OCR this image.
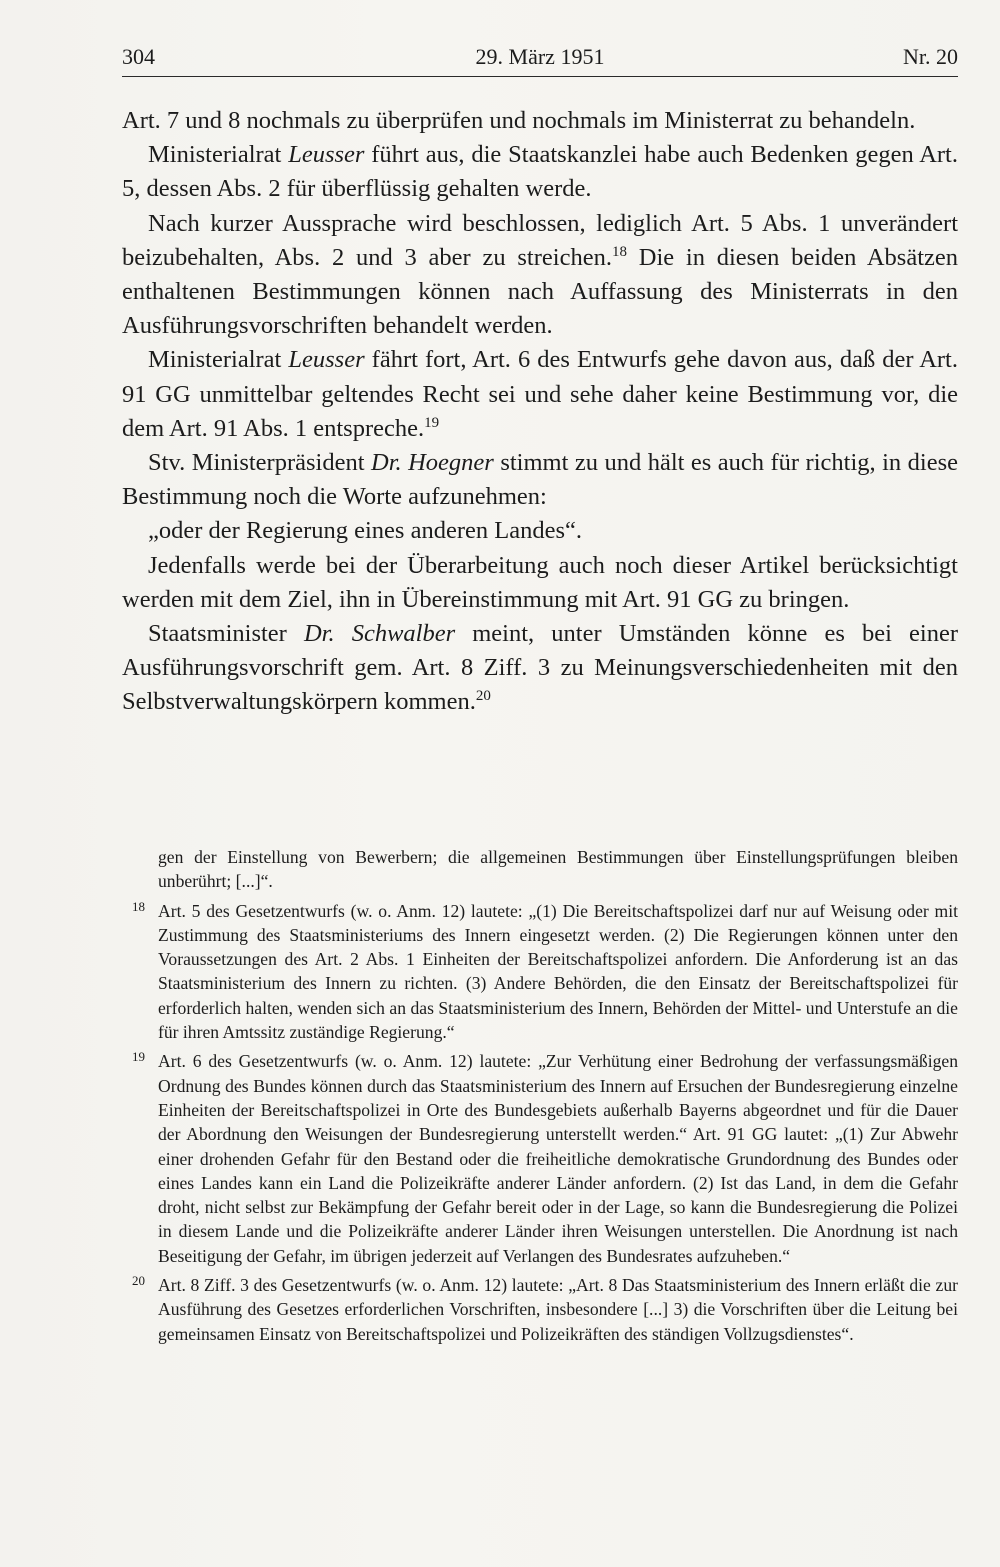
304	29. März 1951	Nr. 20

Art. 7 und 8 nochmals zu überprüfen und nochmals im Ministerrat zu behandeln.

Ministerialrat Leusser führt aus, die Staatskanzlei habe auch Bedenken gegen Art. 5, dessen Abs. 2 für überflüssig gehalten werde.

Nach kurzer Aussprache wird beschlossen, lediglich Art. 5 Abs. 1 unverändert beizubehalten, Abs. 2 und 3 aber zu streichen.$^{18}$ Die in diesen beiden Absätzen enthaltenen Bestimmungen können nach Auffassung des Ministerrats in den Ausführungsvorschriften behandelt werden.

Ministerialrat Leusser fährt fort, Art. 6 des Entwurfs gehe davon aus, daß der Art. 91 GG unmittelbar geltendes Recht sei und sehe daher keine Bestimmung vor, die dem Art. 91 Abs. 1 entspreche.$^{19}$

Stv. Ministerpräsident Dr. Hoegner stimmt zu und hält es auch für richtig, in diese Bestimmung noch die Worte aufzunehmen:

„oder der Regierung eines anderen Landes“.

Jedenfalls werde bei der Überarbeitung auch noch dieser Artikel berücksichtigt werden mit dem Ziel, ihn in Übereinstimmung mit Art. 91 GG zu bringen.

Staatsminister Dr. Schwalber meint, unter Umständen könne es bei einer Ausführungsvorschrift gem. Art. 8 Ziff. 3 zu Meinungsverschiedenheiten mit den Selbstverwaltungskörpern kommen.$^{20}$

gen der Einstellung von Bewerbern; die allgemeinen Bestimmungen über Einstellungsprüfungen bleiben unberührt; [...]“.
18 Art. 5 des Gesetzentwurfs (w. o. Anm. 12) lautete: „(1) Die Bereitschaftspolizei darf nur auf Weisung oder mit Zustimmung des Staatsministeriums des Innern eingesetzt werden. (2) Die Regierungen können unter den Voraussetzungen des Art. 2 Abs. 1 Einheiten der Bereitschaftspolizei anfordern. Die Anforderung ist an das Staatsministerium des Innern zu richten. (3) Andere Behörden, die den Einsatz der Bereitschaftspolizei für erforderlich halten, wenden sich an das Staatsministerium des Innern, Behörden der Mittel- und Unterstufe an die für ihren Amtssitz zuständige Regierung.“
19 Art. 6 des Gesetzentwurfs (w. o. Anm. 12) lautete: „Zur Verhütung einer Bedrohung der verfassungsmäßigen Ordnung des Bundes können durch das Staatsministerium des Innern auf Ersuchen der Bundesregierung einzelne Einheiten der Bereitschaftspolizei in Orte des Bundesgebiets außerhalb Bayerns abgeordnet und für die Dauer der Abordnung den Weisungen der Bundesregierung unterstellt werden.“ Art. 91 GG lautet: „(1) Zur Abwehr einer drohenden Gefahr für den Bestand oder die freiheitliche demokratische Grundordnung des Bundes oder eines Landes kann ein Land die Polizeikräfte anderer Länder anfordern. (2) Ist das Land, in dem die Gefahr droht, nicht selbst zur Bekämpfung der Gefahr bereit oder in der Lage, so kann die Bundesregierung die Polizei in diesem Lande und die Polizeikräfte anderer Länder ihren Weisungen unterstellen. Die Anordnung ist nach Beseitigung der Gefahr, im übrigen jederzeit auf Verlangen des Bundesrates aufzuheben.“
20 Art. 8 Ziff. 3 des Gesetzentwurfs (w. o. Anm. 12) lautete: „Art. 8 Das Staatsministerium des Innern erläßt die zur Ausführung des Gesetzes erforderlichen Vorschriften, insbesondere [...] 3) die Vorschriften über die Leitung bei gemeinsamen Einsatz von Bereitschaftspolizei und Polizeikräften des ständigen Vollzugsdienstes“.
